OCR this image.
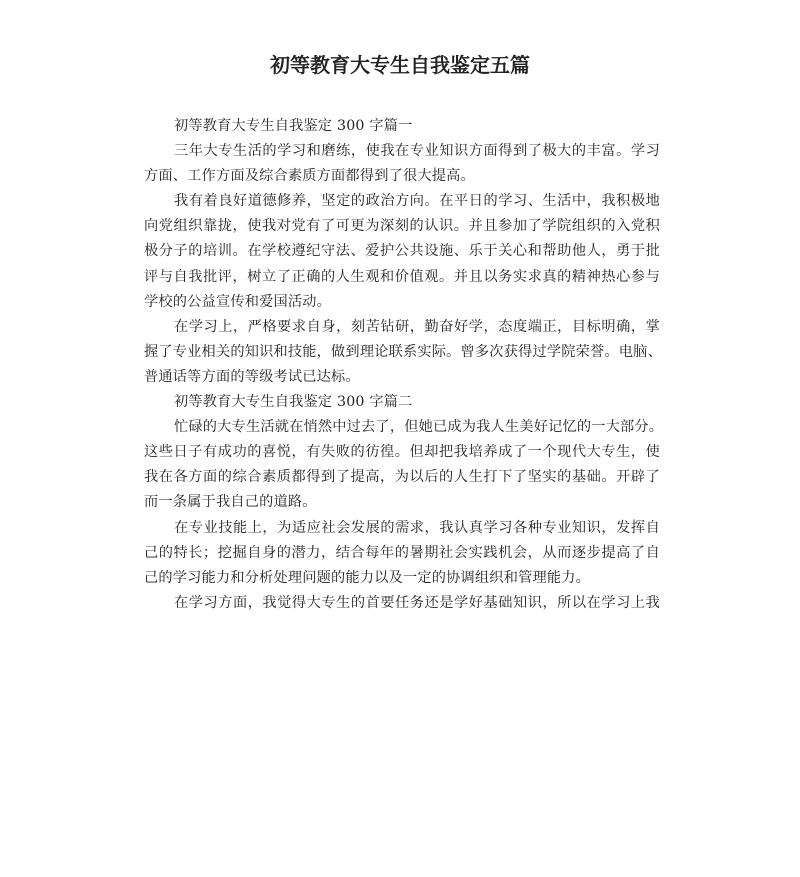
初等教育大专生自我鉴定五篇
初等教育大专生自我鉴定 300 字篇一
三年大专生活的学习和磨练，使我在专业知识方面得到了极大的丰富。学习
方面、工作方面及综合素质方面都得到了很大提高。
我有着良好道德修养，坚定的政治方向。在平日的学习、生活中，我积极地
向党组织靠拢，使我对党有了可更为深刻的认识。并且参加了学院组织的入党积
极分子的培训。在学校遵纪守法、爱护公共设施、乐于关心和帮助他人，勇于批
评与自我批评，树立了正确的人生观和价值观。并且以务实求真的精神热心参与
学校的公益宣传和爱国活动。
在学习上，严格要求自身，刻苦钻研，勤奋好学，态度端正，目标明确，掌
握了专业相关的知识和技能，做到理论联系实际。曾多次获得过学院荣誉。电脑、
普通话等方面的等级考试已达标。
初等教育大专生自我鉴定 300 字篇二
忙碌的大专生活就在悄然中过去了，但她已成为我人生美好记忆的一大部分。
这些日子有成功的喜悦，有失败的彷徨。但却把我培养成了一个现代大专生，使
我在各方面的综合素质都得到了提高，为以后的人生打下了坚实的基础。开辟了
而一条属于我自己的道路。
在专业技能上，为适应社会发展的需求，我认真学习各种专业知识，发挥自
己的特长；挖掘自身的潜力，结合每年的暑期社会实践机会，从而逐步提高了自
己的学习能力和分析处理问题的能力以及一定的协调组织和管理能力。
在学习方面，我觉得大专生的首要任务还是学好基础知识，所以在学习上我
